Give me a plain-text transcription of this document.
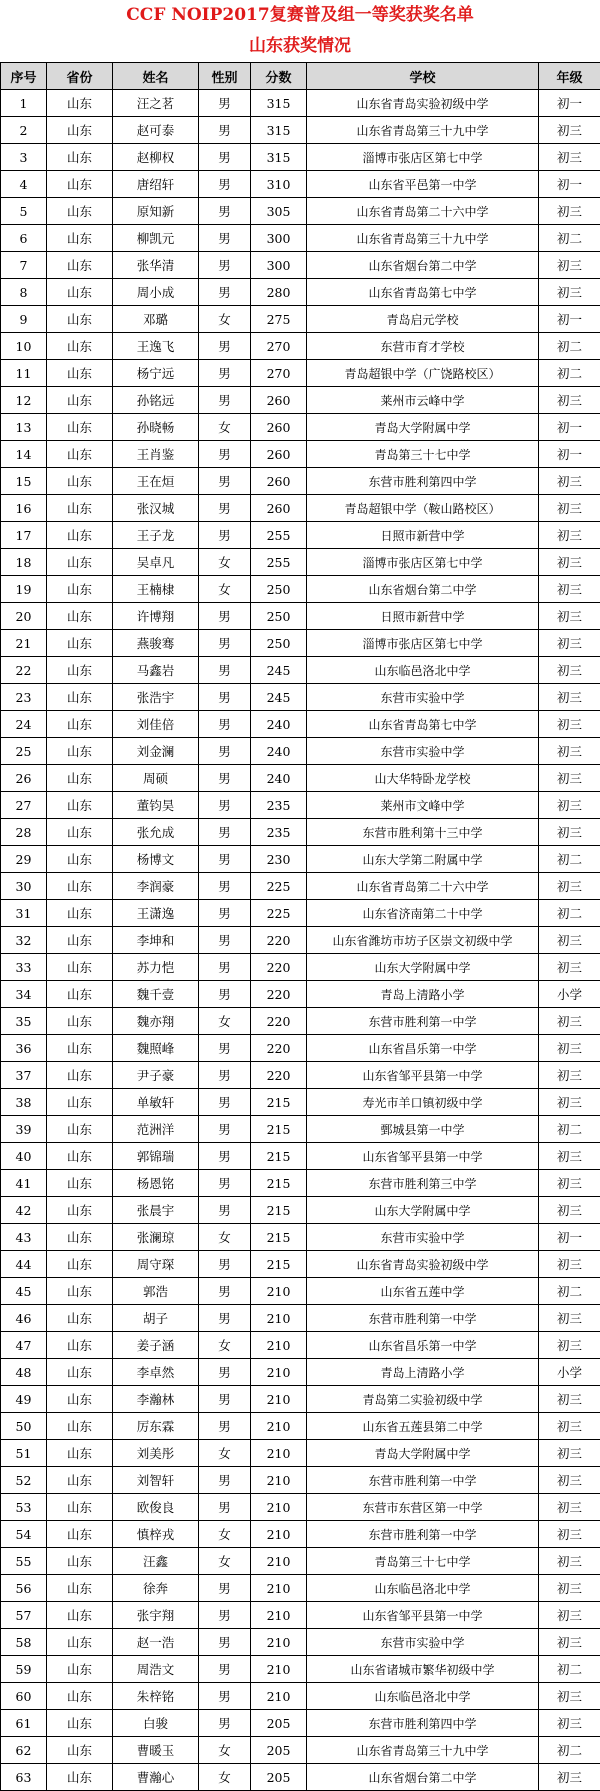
CCF NOIP2017复赛普及组一等奖获奖名单
山东获奖情况
序号	省份	姓名	性别	分数	学校	年级
1	山东	汪之茗	男	315	山东省青岛实验初级中学	初一
2	山东	赵可泰	男	315	山东省青岛第三十九中学	初三
3	山东	赵柳权	男	315	淄博市张店区第七中学	初三
4	山东	唐绍轩	男	310	山东省平邑第一中学	初一
5	山东	原知新	男	305	山东省青岛第二十六中学	初三
6	山东	柳凯元	男	300	山东省青岛第三十九中学	初二
7	山东	张华清	男	300	山东省烟台第二中学	初三
8	山东	周小成	男	280	山东省青岛第七中学	初三
9	山东	邓璐	女	275	青岛启元学校	初一
10	山东	王逸飞	男	270	东营市育才学校	初二
11	山东	杨宁远	男	270	青岛超银中学（广饶路校区）	初二
12	山东	孙铭远	男	260	莱州市云峰中学	初三
13	山东	孙晓畅	女	260	青岛大学附属中学	初一
14	山东	王肖鉴	男	260	青岛第三十七中学	初一
15	山东	王在烜	男	260	东营市胜利第四中学	初三
16	山东	张汉城	男	260	青岛超银中学（鞍山路校区）	初三
17	山东	王子龙	男	255	日照市新营中学	初三
18	山东	吴卓凡	女	255	淄博市张店区第七中学	初三
19	山东	王楠棣	女	250	山东省烟台第二中学	初三
20	山东	许博翔	男	250	日照市新营中学	初三
21	山东	燕骏骞	男	250	淄博市张店区第七中学	初三
22	山东	马鑫岩	男	245	山东临邑洛北中学	初三
23	山东	张浩宇	男	245	东营市实验中学	初三
24	山东	刘佳倍	男	240	山东省青岛第七中学	初三
25	山东	刘金澜	男	240	东营市实验中学	初三
26	山东	周硕	男	240	山大华特卧龙学校	初三
27	山东	董钧昊	男	235	莱州市文峰中学	初三
28	山东	张允成	男	235	东营市胜利第十三中学	初三
29	山东	杨博文	男	230	山东大学第二附属中学	初二
30	山东	李润豪	男	225	山东省青岛第二十六中学	初三
31	山东	王潇逸	男	225	山东省济南第二十中学	初二
32	山东	李坤和	男	220	山东省潍坊市坊子区崇文初级中学	初三
33	山东	苏力恺	男	220	山东大学附属中学	初三
34	山东	魏千壹	男	220	青岛上清路小学	小学
35	山东	魏亦翔	女	220	东营市胜利第一中学	初三
36	山东	魏照峰	男	220	山东省昌乐第一中学	初三
37	山东	尹子豪	男	220	山东省邹平县第一中学	初三
38	山东	单敏轩	男	215	寿光市羊口镇初级中学	初三
39	山东	范洲洋	男	215	鄄城县第一中学	初二
40	山东	郭锦瑞	男	215	山东省邹平县第一中学	初三
41	山东	杨恩铭	男	215	东营市胜利第三中学	初三
42	山东	张晨宇	男	215	山东大学附属中学	初三
43	山东	张澜琼	女	215	东营市实验中学	初一
44	山东	周守琛	男	215	山东省青岛实验初级中学	初三
45	山东	郭浩	男	210	山东省五莲中学	初二
46	山东	胡子	男	210	东营市胜利第一中学	初三
47	山东	姜子涵	女	210	山东省昌乐第一中学	初三
48	山东	李卓然	男	210	青岛上清路小学	小学
49	山东	李瀚林	男	210	青岛第二实验初级中学	初三
50	山东	厉东霖	男	210	山东省五莲县第二中学	初三
51	山东	刘美彤	女	210	青岛大学附属中学	初三
52	山东	刘智轩	男	210	东营市胜利第一中学	初三
53	山东	欧俊良	男	210	东营市东营区第一中学	初三
54	山东	慎梓戎	女	210	东营市胜利第一中学	初三
55	山东	汪鑫	女	210	青岛第三十七中学	初三
56	山东	徐奔	男	210	山东临邑洛北中学	初三
57	山东	张宇翔	男	210	山东省邹平县第一中学	初三
58	山东	赵一浩	男	210	东营市实验中学	初三
59	山东	周浩文	男	210	山东省诸城市繁华初级中学	初二
60	山东	朱梓铭	男	210	山东临邑洛北中学	初三
61	山东	白骏	男	205	东营市胜利第四中学	初三
62	山东	曹暖玉	女	205	山东省青岛第三十九中学	初二
63	山东	曹瀚心	女	205	山东省烟台第二中学	初三
